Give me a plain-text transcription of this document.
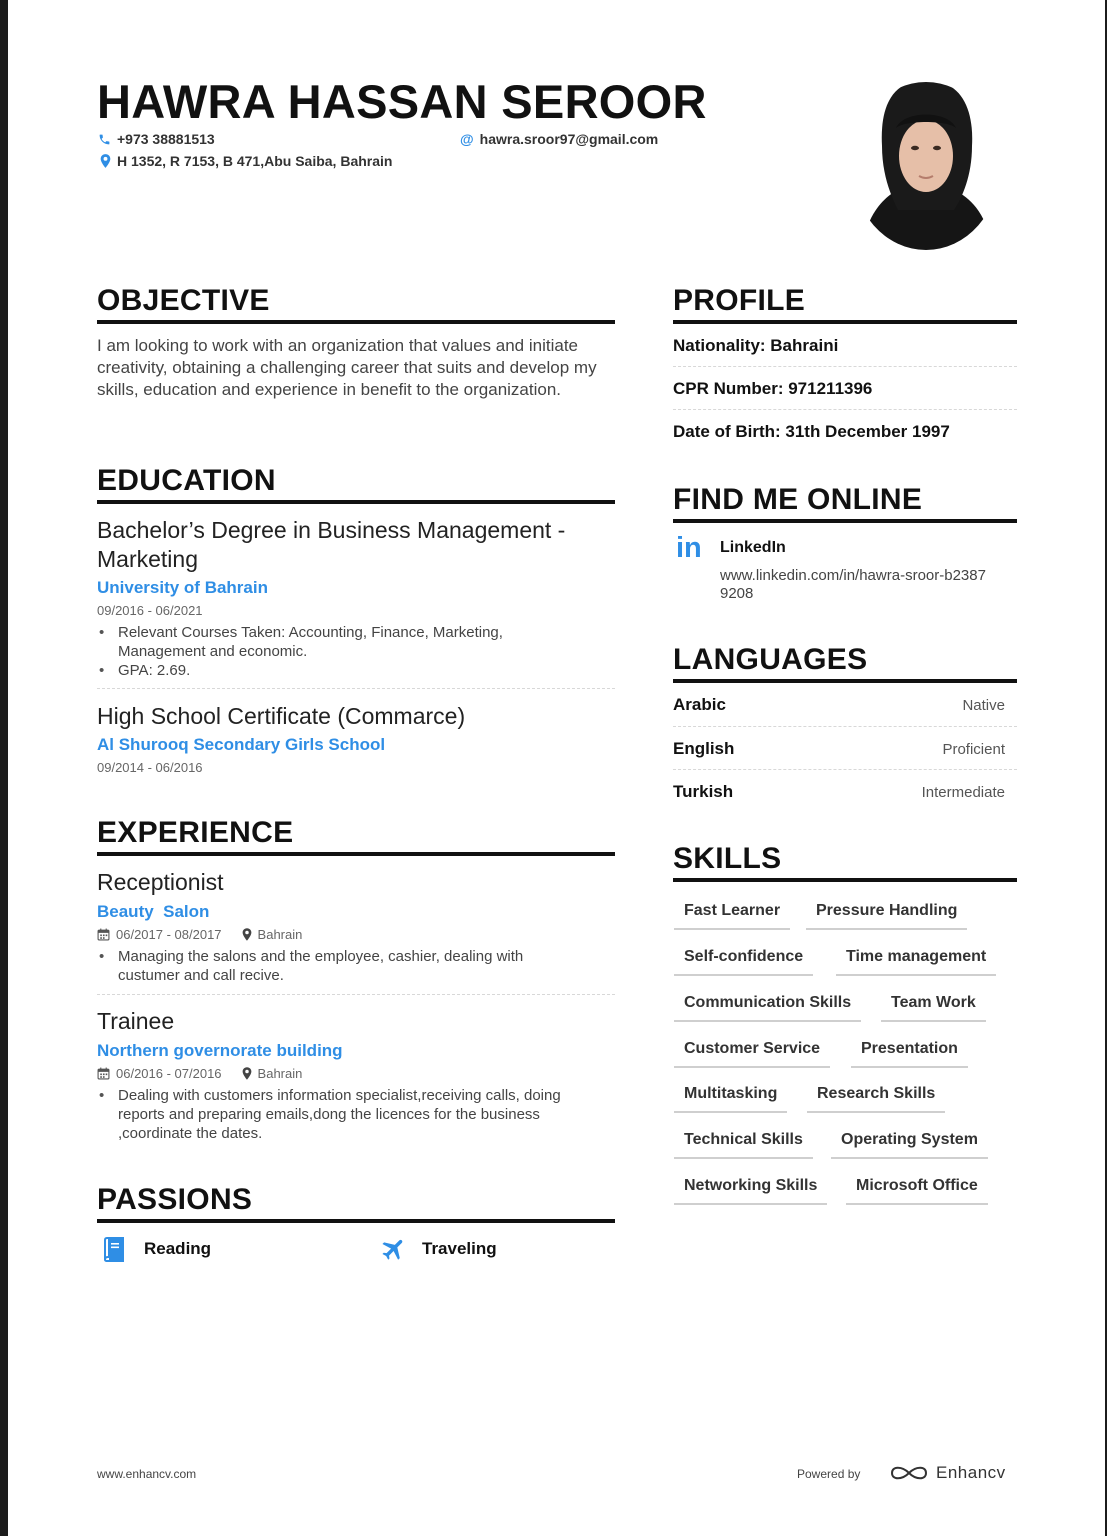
HAWRA HASSAN SEROOR
+973 38881513	@ hawra.sroor97@gmail.com
H 1352, R 7153, B 471,Abu Saiba, Bahrain
OBJECTIVE
I am looking to work with an organization that values and initiate creativity, obtaining a challenging career that suits and develop my skills, education and experience in benefit to the organization.
EDUCATION
Bachelor’s Degree in Business Management - Marketing
University of Bahrain
09/2016 - 06/2021
• Relevant Courses Taken: Accounting, Finance, Marketing, Management and economic.
• GPA: 2.69.
High School Certificate (Commarce)
Al Shurooq Secondary Girls School
09/2014 - 06/2016
EXPERIENCE
Receptionist
Beauty  Salon
06/2017 - 08/2017	Bahrain
• Managing the salons and the employee, cashier, dealing with custumer and call recive.
Trainee
Northern governorate building
06/2016 - 07/2016	Bahrain
• Dealing with customers information specialist,receiving calls, doing reports and preparing emails,dong the licences for the business ,coordinate the dates.
PASSIONS
Reading	Traveling
PROFILE
Nationality: Bahraini
CPR Number: 971211396
Date of Birth: 31th December 1997
FIND ME ONLINE
in LinkedIn
www.linkedin.com/in/hawra-sroor-b23879208
LANGUAGES
Arabic	Native
English	Proficient
Turkish	Intermediate
SKILLS
Fast Learner	Pressure Handling
Self-confidence	Time management
Communication Skills	Team Work
Customer Service	Presentation
Multitasking	Research Skills
Technical Skills	Operating System
Networking Skills	Microsoft Office
www.enhancv.com	Powered by	Enhancv
